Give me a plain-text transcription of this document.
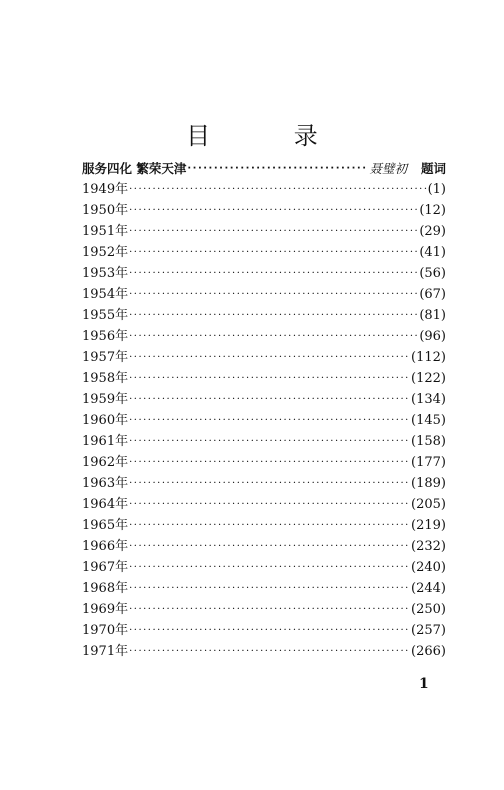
目 录
服务四化 繁荣天津 ·····	聂璧初 题词
1949年 ·····	(1)
1950年 ·····	(12)
1951年 ·····	(29)
1952年 ·····	(41)
1953年 ·····	(56)
1954年 ·····	(67)
1955年 ·····	(81)
1956年 ·····	(96)
1957年 ·····	(112)
1958年 ·····	(122)
1959年 ·····	(134)
1960年 ·····	(145)
1961年 ·····	(158)
1962年 ·····	(177)
1963年 ·····	(189)
1964年 ·····	(205)
1965年 ·····	(219)
1966年 ·····	(232)
1967年 ·····	(240)
1968年 ·····	(244)
1969年 ·····	(250)
1970年 ·····	(257)
1971年 ·····	(266)
1
